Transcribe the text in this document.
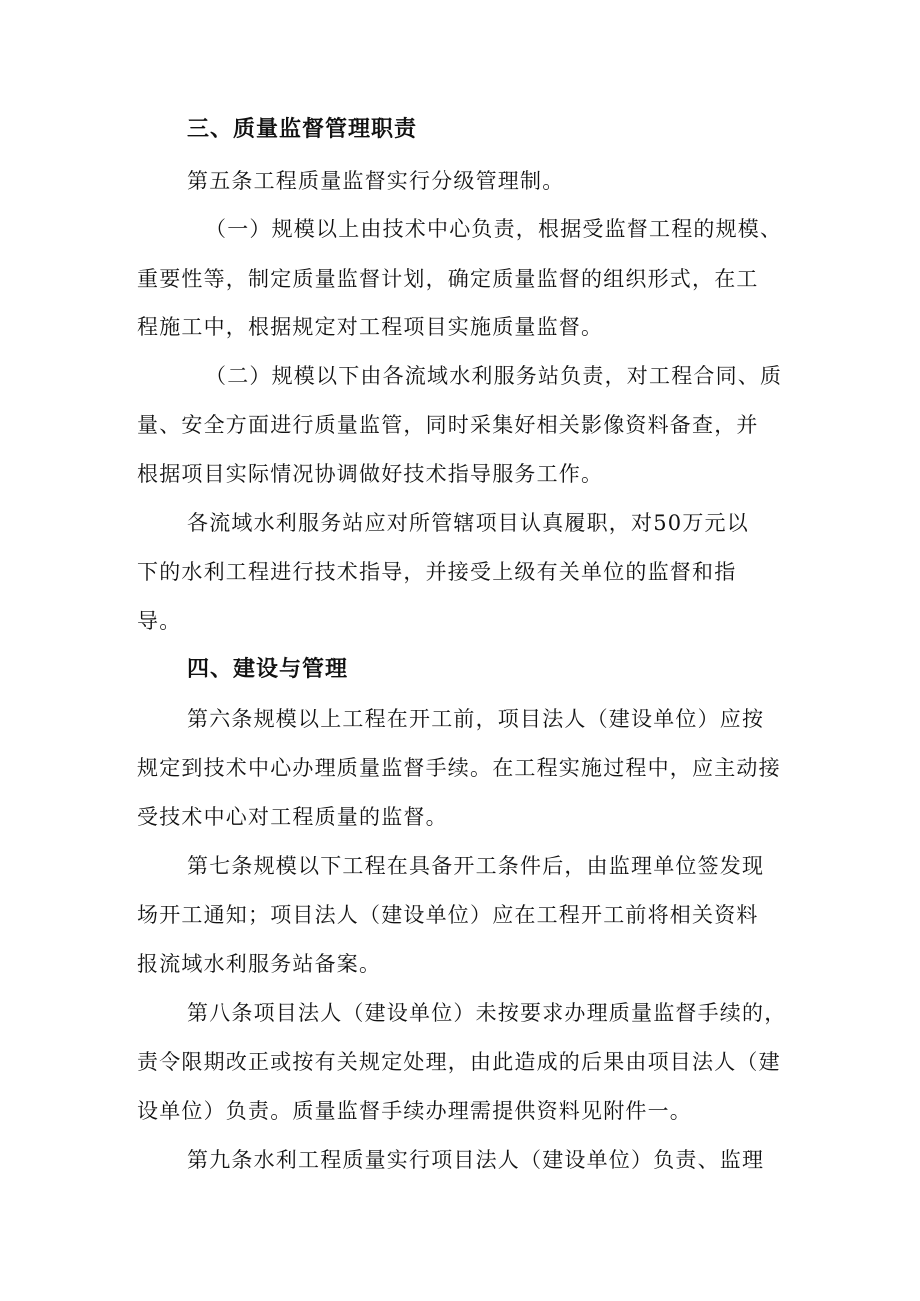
三、质量监督管理职责
第五条工程质量监督实行分级管理制。
（一）规模以上由技术中心负责，根据受监督工程的规模、
重要性等，制定质量监督计划，确定质量监督的组织形式，在工
程施工中，根据规定对工程项目实施质量监督。
（二）规模以下由各流域水利服务站负责，对工程合同、质
量、安全方面进行质量监管，同时采集好相关影像资料备查，并
根据项目实际情况协调做好技术指导服务工作。
各流域水利服务站应对所管辖项目认真履职，对50万元以
下的水利工程进行技术指导，并接受上级有关单位的监督和指
导。
四、建设与管理
第六条规模以上工程在开工前，项目法人（建设单位）应按
规定到技术中心办理质量监督手续。在工程实施过程中，应主动接
受技术中心对工程质量的监督。
第七条规模以下工程在具备开工条件后，由监理单位签发现
场开工通知；项目法人（建设单位）应在工程开工前将相关资料
报流域水利服务站备案。
第八条项目法人（建设单位）未按要求办理质量监督手续的，
责令限期改正或按有关规定处理，由此造成的后果由项目法人（建
设单位）负责。质量监督手续办理需提供资料见附件一。
第九条水利工程质量实行项目法人（建设单位）负责、监理
